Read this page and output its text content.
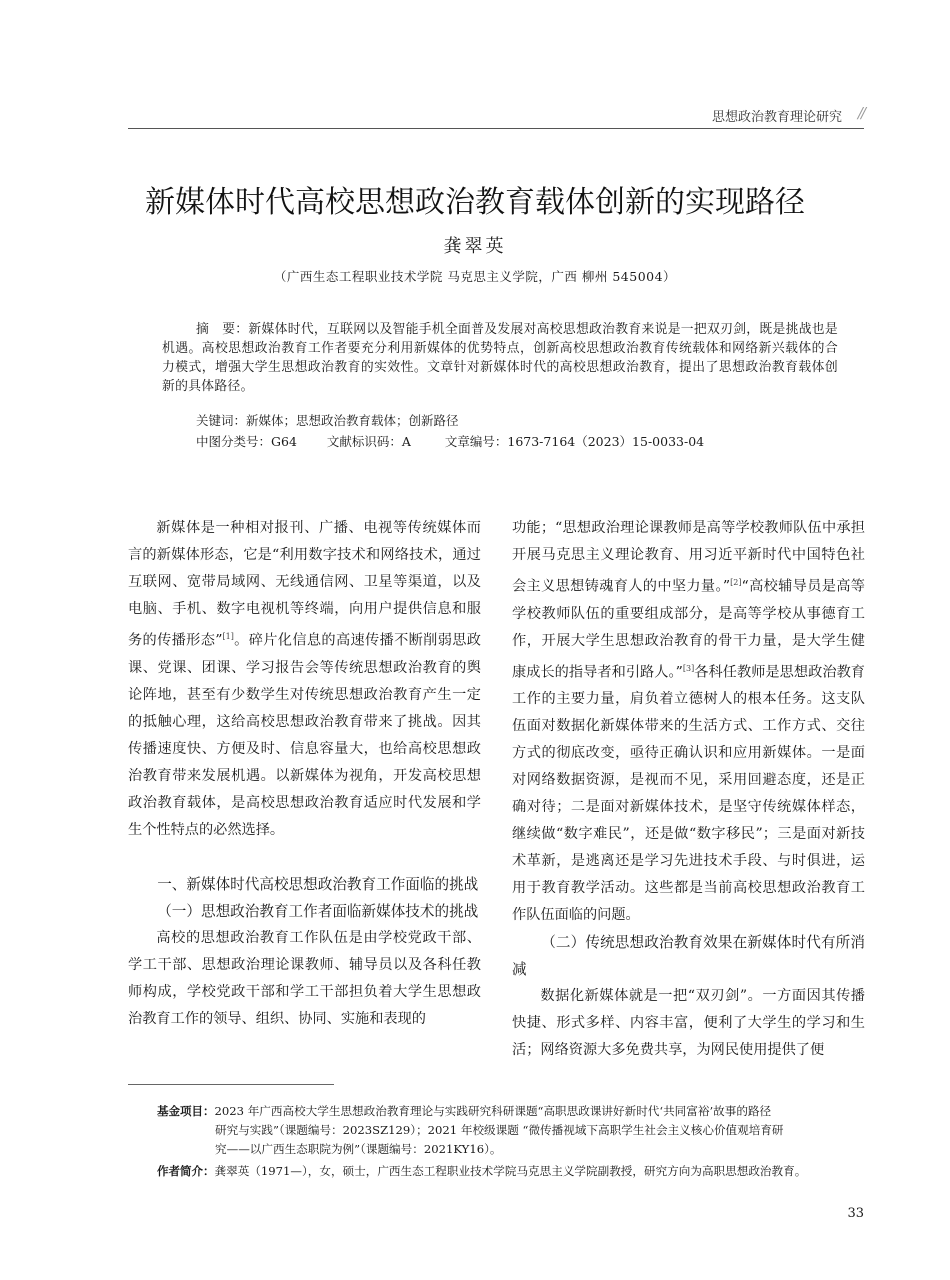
思想政治教育理论研究 //
新媒体时代高校思想政治教育载体创新的实现路径
龚翠英
（广西生态工程职业技术学院 马克思主义学院，广西 柳州 545004）
摘　要：新媒体时代，互联网以及智能手机全面普及发展对高校思想政治教育来说是一把双刃剑，既是挑战也是机遇。高校思想政治教育工作者要充分利用新媒体的优势特点，创新高校思想政治教育传统载体和网络新兴载体的合力模式，增强大学生思想政治教育的实效性。文章针对新媒体时代的高校思想政治教育，提出了思想政治教育载体创新的具体路径。
关键词：新媒体；思想政治教育载体；创新路径
中图分类号：G64 文献标识码：A	文章编号：1673-7164（2023）15-0033-04

新媒体是一种相对报刊、广播、电视等传统媒体而言的新媒体形态，它是“利用数字技术和网络技术，通过互联网、宽带局域网、无线通信网、卫星等渠道，以及电脑、手机、数字电视机等终端，向用户提供信息和服务的传播形态”[1]。碎片化信息的高速传播不断削弱思政课、党课、团课、学习报告会等传统思想政治教育的舆论阵地，甚至有少数学生对传统思想政治教育产生一定的抵触心理，这给高校思想政治教育带来了挑战。因其传播速度快、方便及时、信息容量大，也给高校思想政治教育带来发展机遇。以新媒体为视角，开发高校思想政治教育载体，是高校思想政治教育适应时代发展和学生个性特点的必然选择。

一、新媒体时代高校思想政治教育工作面临的挑战
（一）思想政治教育工作者面临新媒体技术的挑战

高校的思想政治教育工作队伍是由学校党政干部、学工干部、思想政治理论课教师、辅导员以及各科任教师构成，学校党政干部和学工干部担负着大学生思想政治教育工作的领导、组织、协同、实施和表现的

功能；“思想政治理论课教师是高等学校教师队伍中承担开展马克思主义理论教育、用习近平新时代中国特色社会主义思想铸魂育人的中坚力量。”[2]“高校辅导员是高等学校教师队伍的重要组成部分，是高等学校从事德育工作，开展大学生思想政治教育的骨干力量，是大学生健康成长的指导者和引路人。”[3]各科任教师是思想政治教育工作的主要力量，肩负着立德树人的根本任务。这支队伍面对数据化新媒体带来的生活方式、工作方式、交往方式的彻底改变，亟待正确认识和应用新媒体。一是面对网络数据资源，是视而不见，采用回避态度，还是正确对待；二是面对新媒体技术，是坚守传统媒体样态，继续做“数字难民”，还是做“数字移民”；三是面对新技术革新，是逃离还是学习先进技术手段、与时俱进，运用于教育教学活动。这些都是当前高校思想政治教育工作队伍面临的问题。

（二）传统思想政治教育效果在新媒体时代有所消减

数据化新媒体就是一把“双刃剑”。一方面因其传播快捷、形式多样、内容丰富，便利了大学生的学习和生活；网络资源大多免费共享，为网民使用提供了便

基金项目：2023 年广西高校大学生思想政治教育理论与实践研究科研课题“高职思政课讲好新时代‘共同富裕’故事的路径
研究与实践”（课题编号：2023SZ129）；2021 年校级课题 “微传播视域下高职学生社会主义核心价值观培育研
究——以广西生态职院为例”（课题编号：2021KY16）。
作者简介：龚翠英（1971—），女，硕士，广西生态工程职业技术学院马克思主义学院副教授，研究方向为高职思想政治教育。
33
